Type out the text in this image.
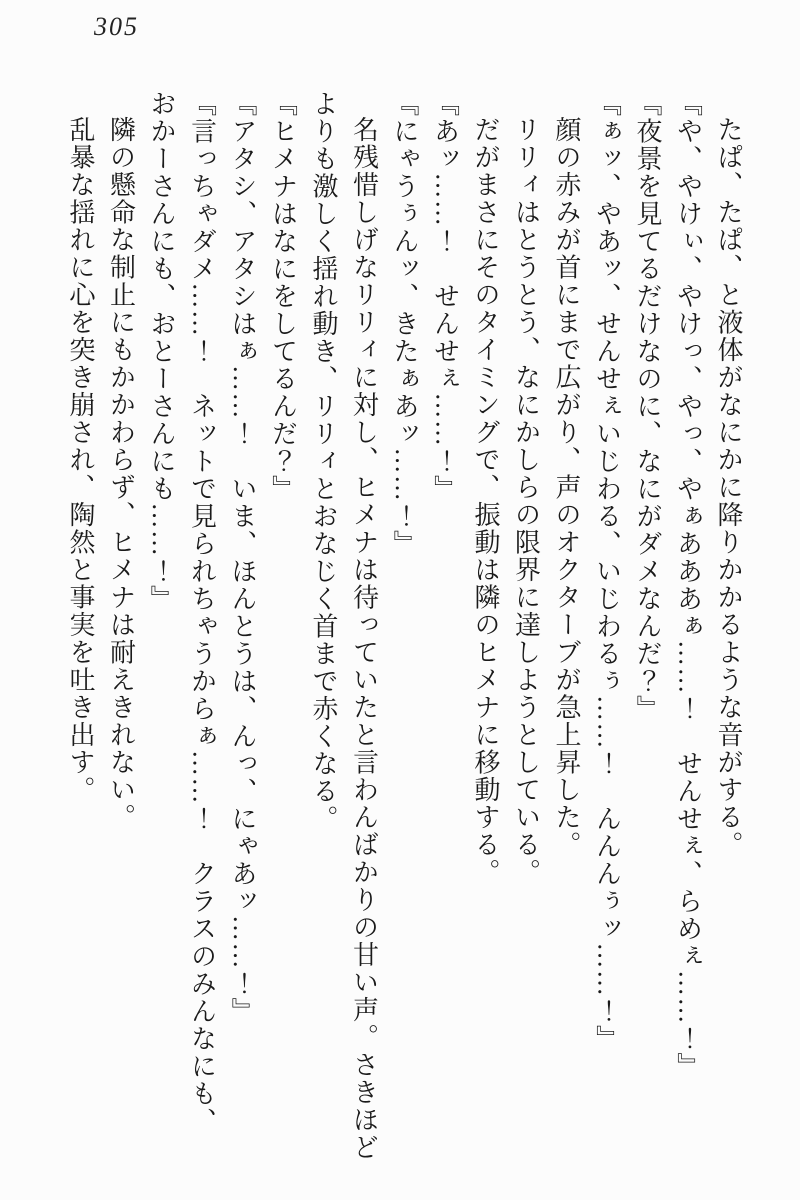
305

たぱ、たぱ、と液体がなにかに降りかかるような音がする。

『や、やけぃ、やけっ、やっ、やぁあああぁ……！　せんせぇ、らめぇ……！』

『夜景を見てるだけなのに、なにがダメなんだ？』

『ぁッ、やあッ、せんせぇいじわる、いじわるぅ……！　んんんぅッ……！』

顔の赤みが首にまで広がり、声のオクターブが急上昇した。

リリィはとうとう、なにかしらの限界に達しようとしている。

だがまさにそのタイミングで、振動は隣のヒメナに移動する。

『あッ……！　せんせぇ……！』

『にゃうぅんッ、きたぁあッ……！』

名残惜しげなリリィに対し、ヒメナは待っていたと言わんばかりの甘い声。さきほどよりも激しく揺れ動き、リリィとおなじく首まで赤くなる。

『ヒメナはなにをしてるんだ？』

『アタシ、アタシはぁ……！　いま、ほんとうは、んっ、にゃあッ……！』

『言っちゃダメ……！　ネットで見られちゃうからぁ……！　クラスのみんなにも、おかーさんにも、おとーさんにも……！』

隣の懸命な制止にもかかわらず、ヒメナは耐えきれない。

乱暴な揺れに心を突き崩され、陶然と事実を吐き出す。
